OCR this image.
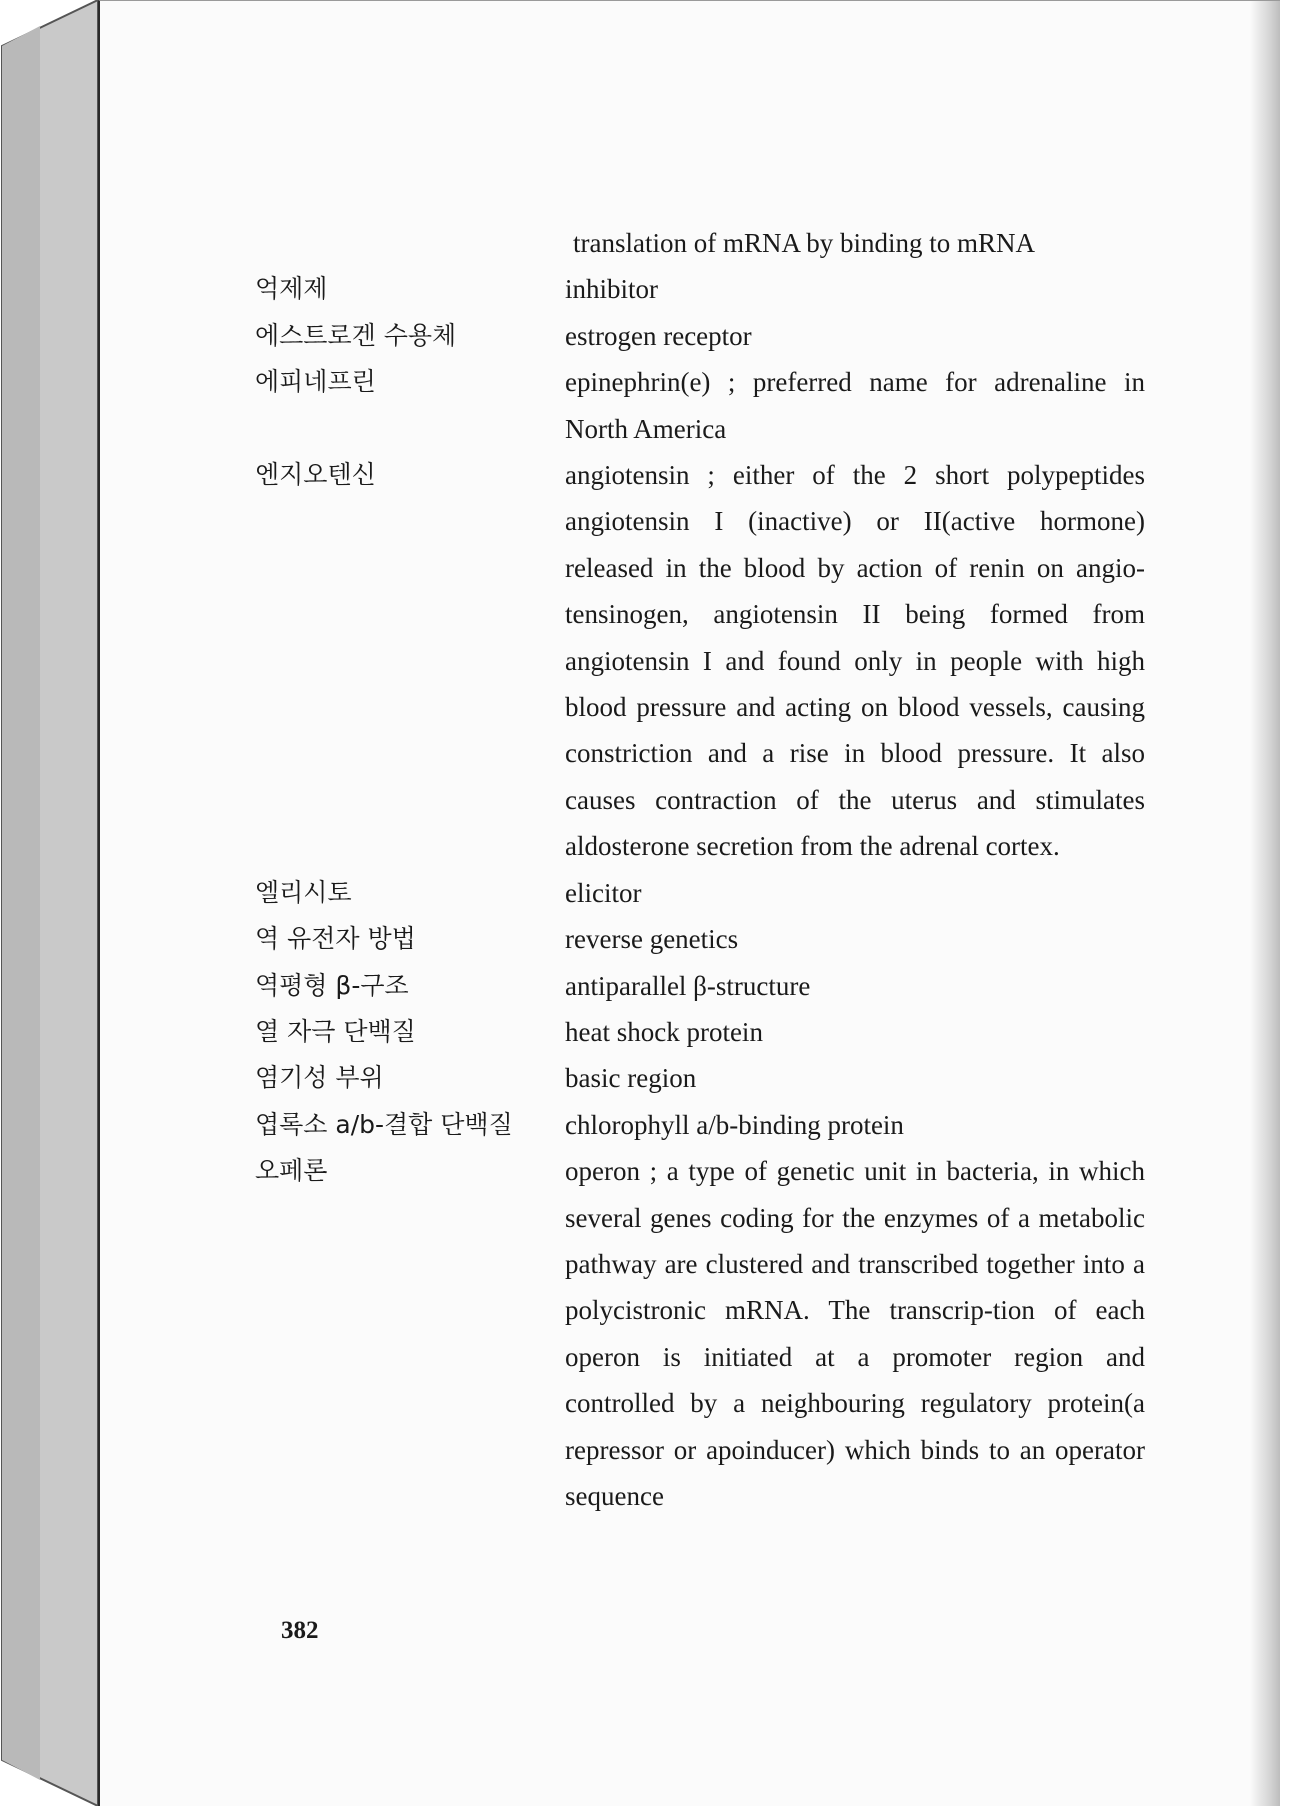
translation of mRNA by binding to mRNA

억제제	inhibitor

에스트로겐 수용체	estrogen receptor

에피네프린	epinephrin(e) ; preferred name for adrenaline in North America

엔지오텐신	angiotensin ; either of the 2 short polypeptides angiotensin I (inactive) or II(active hormone) released in the blood by action of renin on angio-tensinogen, angiotensin II being formed from angiotensin I and found only in people with high blood pressure and acting on blood vessels, causing constriction and a rise in blood pressure. It also causes contraction of the uterus and stimulates aldosterone secretion from the adrenal cortex.

엘리시토	elicitor

역 유전자 방법	reverse genetics

역평형 β-구조	antiparallel β-structure

열 자극 단백질	heat shock protein

염기성 부위	basic region

엽록소 a/b-결합 단백질	chlorophyll a/b-binding protein

오페론	operon ; a type of genetic unit in bacteria, in which several genes coding for the enzymes of a metabolic pathway are clustered and transcribed together into a polycistronic mRNA. The transcrip-tion of each operon is initiated at a promoter region and controlled by a neighbouring regulatory protein(a repressor or apoinducer) which binds to an operator sequence

382
